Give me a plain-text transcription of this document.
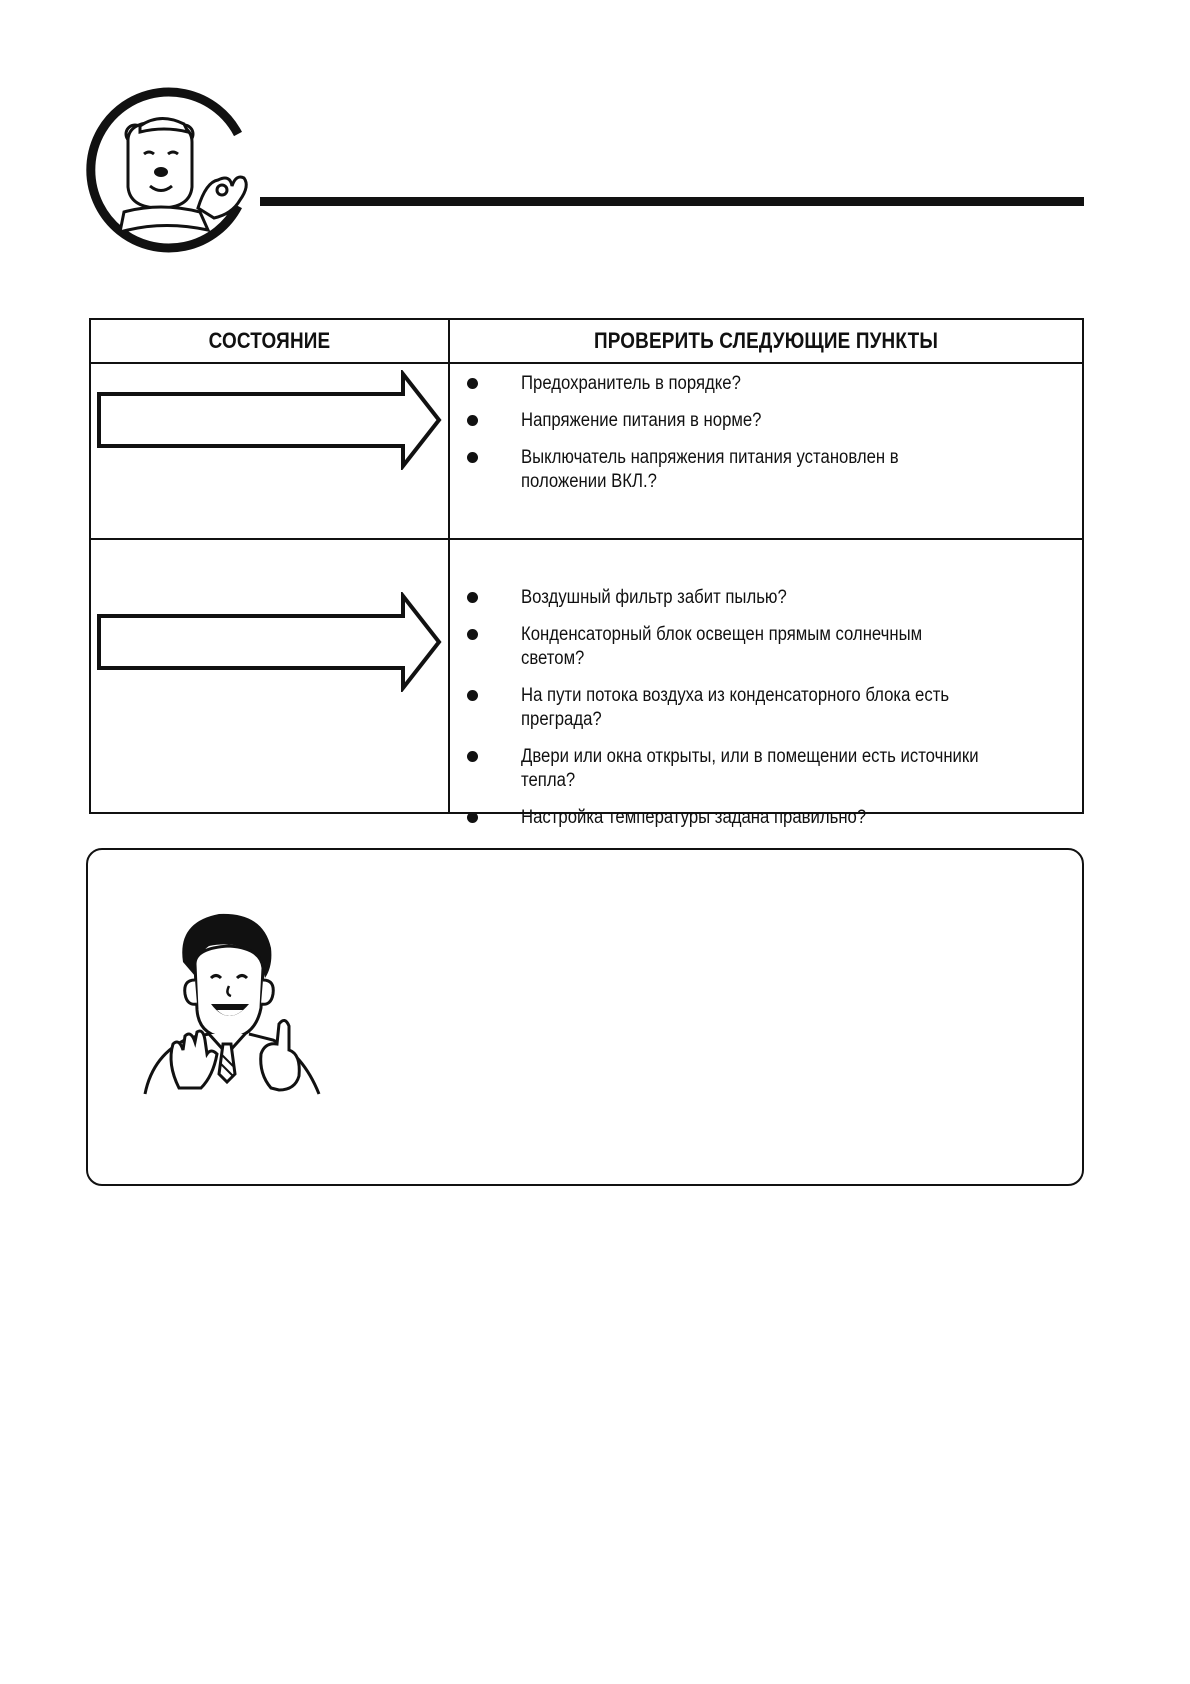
СОСТОЯНИЕ	ПРОВЕРИТЬ СЛЕДУЮЩИЕ ПУНКТЫ
Предохранитель в порядке?
Напряжение питания в норме?
Выключатель напряжения питания установлен в положении ВКЛ.?
Воздушный фильтр забит пылью?
Конденсаторный блок освещен прямым солнечным светом?
На пути потока воздуха из конденсаторного блока есть преграда?
Двери или окна открыты, или в помещении есть источники тепла?
Настройка температуры задана правильно?
